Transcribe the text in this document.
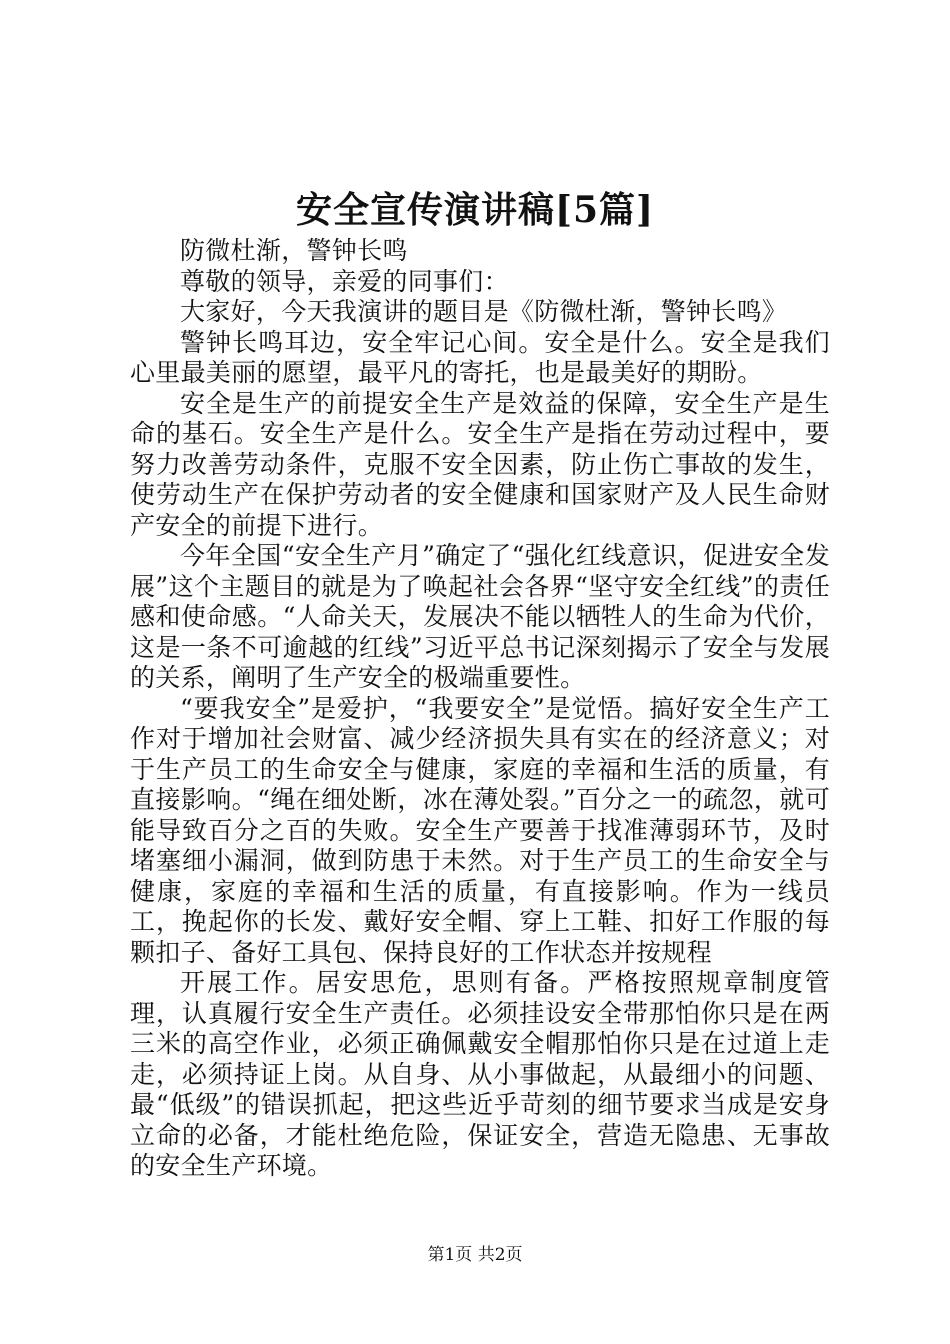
安全宣传演讲稿[5篇]

防微杜渐，警钟长鸣

尊敬的领导，亲爱的同事们：

大家好，今天我演讲的题目是《防微杜渐，警钟长鸣》

警钟长鸣耳边，安全牢记心间。安全是什么。安全是我们心里最美丽的愿望，最平凡的寄托，也是最美好的期盼。

安全是生产的前提安全生产是效益的保障，安全生产是生命的基石。安全生产是什么。安全生产是指在劳动过程中，要努力改善劳动条件，克服不安全因素，防止伤亡事故的发生，使劳动生产在保护劳动者的安全健康和国家财产及人民生命财产安全的前提下进行。

今年全国“安全生产月”确定了“强化红线意识，促进安全发展”这个主题目的就是为了唤起社会各界“坚守安全红线”的责任感和使命感。“人命关天，发展决不能以牺牲人的生命为代价，这是一条不可逾越的红线”习近平总书记深刻揭示了安全与发展的关系，阐明了生产安全的极端重要性。

“要我安全”是爱护，“我要安全”是觉悟。搞好安全生产工作对于增加社会财富、减少经济损失具有实在的经济意义；对于生产员工的生命安全与健康，家庭的幸福和生活的质量，有直接影响。“绳在细处断，冰在薄处裂。”百分之一的疏忽，就可能导致百分之百的失败。安全生产要善于找准薄弱环节，及时堵塞细小漏洞，做到防患于未然。对于生产员工的生命安全与健康，家庭的幸福和生活的质量，有直接影响。作为一线员工，挽起你的长发、戴好安全帽、穿上工鞋、扣好工作服的每颗扣子、备好工具包、保持良好的工作状态并按规程

开展工作。居安思危，思则有备。严格按照规章制度管理，认真履行安全生产责任。必须挂设安全带那怕你只是在两三米的高空作业，必须正确佩戴安全帽那怕你只是在过道上走走，必须持证上岗。从自身、从小事做起，从最细小的问题、最“低级”的错误抓起，把这些近乎苛刻的细节要求当成是安身立命的必备，才能杜绝危险，保证安全，营造无隐患、无事故的安全生产环境。

第1页 共2页
